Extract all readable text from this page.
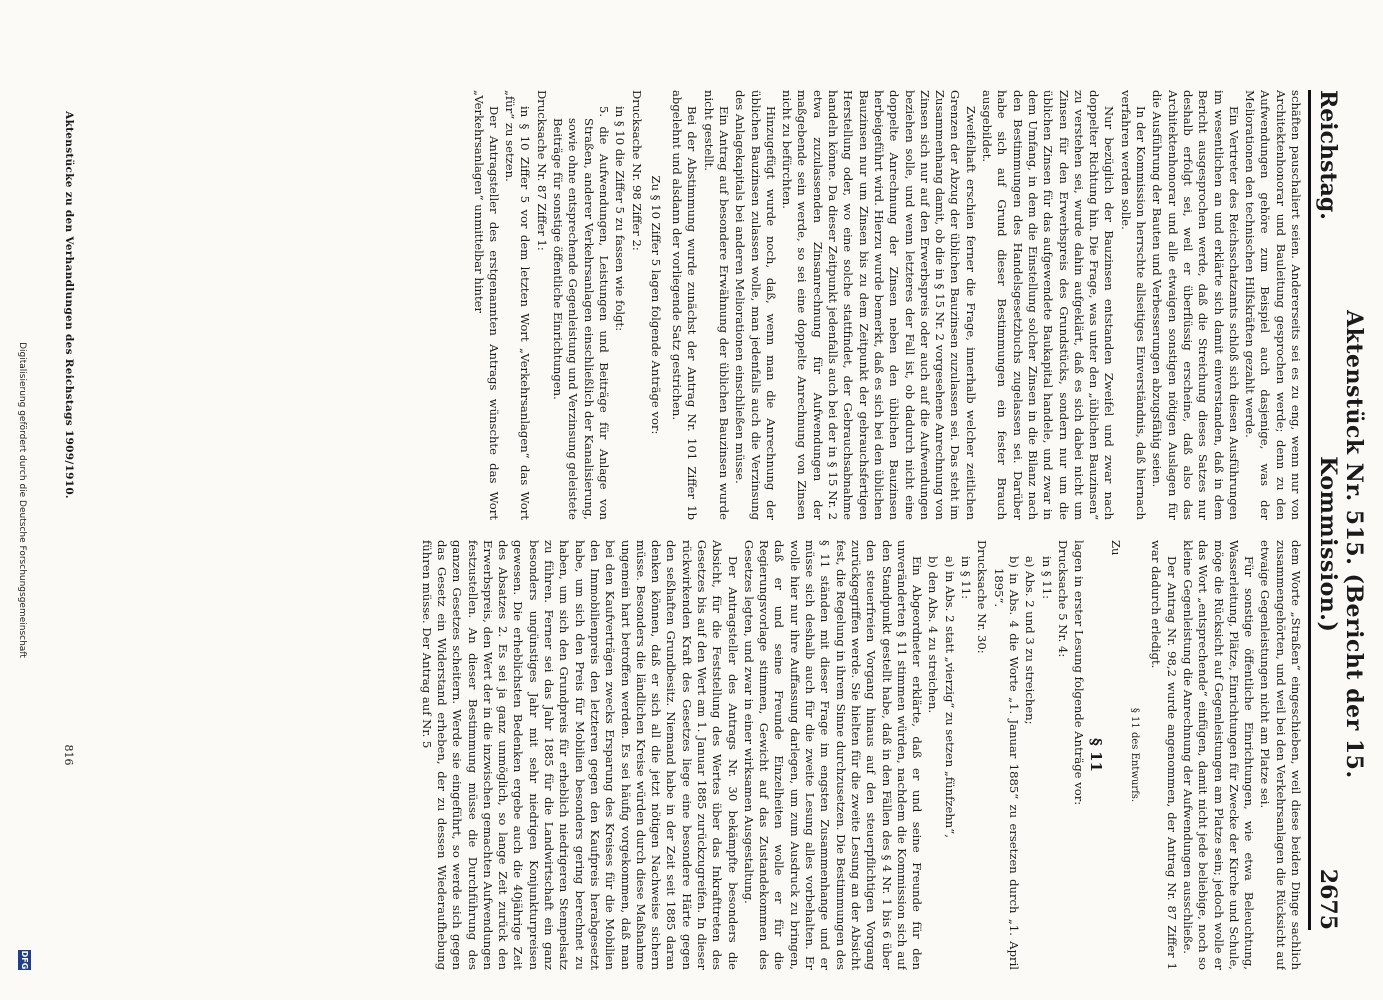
Reichstag.
Aktenstück Nr. 515. (Bericht der 15. Kommission.)
2675

schäften pauschaliert seien. Andererseits sei es zu eng, wenn nur von Architektenhonorar und Bauleitung gesprochen werde; denn zu den Aufwendungen gehöre zum Beispiel auch dasjenige, was der Meliorationen den technischen Hilfskräften gezahlt werde.

Ein Vertreter des Reichsschatzamts schloß sich diesen Ausführungen im wesentlichen an und erklärte sich damit einverstanden, daß in dem Bericht ausgesprochen werde, daß die Streichung dieses Satzes nur deshalb erfolgt sei, weil er überflüssig erscheine, daß also das Architektenhonorar und alle etwaigen sonstigen nötigen Auslagen für die Ausführung der Bauten und Verbesserungen abzugsfähig seien.

In der Kommission herrschte allseitiges Einverständnis, daß hiernach verfahren werden solle.

Nur bezüglich der Bauzinsen entstanden Zweifel und zwar nach doppelter Richtung hin. Die Frage, was unter den „üblichen Bauzinsen“ zu verstehen sei, wurde dahin aufgeklärt, daß es sich dabei nicht um Zinsen für den Erwerbspreis des Grundstücks, sondern nur um die üblichen Zinsen für das aufgewendete Baukapital handele, und zwar in dem Umfang, in dem die Einstellung solcher Zinsen in die Bilanz nach den Bestimmungen des Handelsgesetzbuchs zugelassen sei. Darüber habe sich auf Grund dieser Bestimmungen ein fester Brauch ausgebildet.

Zweifelhaft erschien ferner die Frage, innerhalb welcher zeitlichen Grenzen der Abzug der üblichen Bauzinsen zuzulassen sei. Das steht im Zusammenhang damit, ob die in § 15 Nr. 2 vorgesehene Anrechnung von Zinsen sich nur auf den Erwerbspreis oder auch auf die Aufwendungen beziehen solle, und wenn letzteres der Fall ist, ob dadurch nicht eine doppelte Anrechnung der Zinsen neben den üblichen Bauzinsen herbeigeführt wird. Hierzu wurde bemerkt, daß es sich bei den üblichen Bauzinsen nur um Zinsen bis zu dem Zeitpunkt der gebrauchsfertigen Herstellung oder, wo eine solche stattfindet, der Gebrauchsabnahme handeln könne. Da dieser Zeitpunkt jedenfalls auch bei der in § 15 Nr. 2 etwa zuzulassenden Zinsanrechnung für Aufwendungen der maßgebende sein werde, so sei eine doppelte Anrechnung von Zinsen nicht zu befürchten.

Hinzugefügt wurde noch, daß, wenn man die Anrechnung der üblichen Bauzinsen zulassen wolle, man jedenfalls auch die Verzinsung des Anlagekapitals bei anderen Meliorationen einschließen müsse.

Ein Antrag auf besondere Erwähnung der üblichen Bauzinsen wurde nicht gestellt.

Bei der Abstimmung wurde zunächst der Antrag Nr. 101 Ziffer 1b abgelehnt und alsdann der vorliegende Satz gestrichen.

Zu § 10 Ziffer 5 lagen folgende Anträge vor:

Drucksache Nr. 98 Ziffer 2:

in § 10 die Ziffer 5 zu fassen wie folgt:

5. die Aufwendungen, Leistungen und Beiträge für Anlage von Straßen, anderer Verkehrsanlagen einschließlich der Kanalisierung, sowie ohne entsprechende Gegenleistung und Verzinsung geleistete Beiträge für sonstige öffentliche Einrichtungen.

Drucksache Nr. 87 Ziffer 1:

in § 10 Ziffer 5 vor dem letzten Wort „Verkehrsanlagen“ das Wort „für“ zu setzen.

Der Antragsteller des erstgenannten Antrags wünschte das Wort „Verkehrsanlagen“ unmittelbar hinter

Aktenstücke zu den Verhandlungen des Reichstags 1909/1910.

dem Worte „Straßen“ eingeschieben, weil diese beiden Dinge sachlich zusammengehörten, und weil bei den Verkehrsanlagen die Rücksicht auf etwaige Gegenleistungen nicht am Platze sei.

Für sonstige öffentliche Einrichtungen, wie etwa Beleuchtung, Wasserleitung, Plätze, Einrichtungen für Zwecke der Kirche und Schule, möge die Rücksicht auf Gegenleistungen am Platze sein; jedoch wolle er das Wort „entsprechende“ einfügen, damit nicht jede beliebige, noch so kleine Gegenleistung die Anrechnung der Aufwendungen ausschließe.

Der Antrag Nr. 98,2 wurde angenommen, der Antrag Nr. 87 Ziffer 1 war dadurch erledigt.

§ 11 des Entwurfs.

Zu

§ 11

lagen in erster Lesung folgende Anträge vor:

Drucksache 5 Nr. 4:

in § 11:

a) Abs. 2 und 3 zu streichen;

b) in Abs. 4 die Worte „1. Januar 1885“ zu ersetzen durch „1. April 1895“.

Drucksache Nr. 30:

in § 11:

a) in Abs. 2 statt „vierzig“ zu setzen „fünfzehn“,

b) den Abs. 4 zu streichen.

Ein Abgeordneter erklärte, daß er und seine Freunde für den unveränderten § 11 stimmen würden, nachdem die Kommission sich auf den Standpunkt gestellt habe, daß in den Fällen des § 4 Nr. 1 bis 6 über den steuerfreien Vorgang hinaus auf den steuerpflichtigen Vorgang zurückgegriffen werde. Sie hielten für die zweite Lesung an der Absicht fest, die Regelung in ihrem Sinne durchzusetzen. Die Bestimmungen des § 11 ständen mit dieser Frage im engsten Zusammenhange und er müsse sich deshalb auch für die zweite Lesung alles vorbehalten. Er wolle hier nur ihre Auffassung darlegen, um zum Ausdruck zu bringen, daß er und seine Freunde Einzelheiten wolle er für die Regierungsvorlage stimmen, Gewicht auf das Zustandekommen des Gesetzes legten, und zwar in einer wirksamen Ausgestaltung.

Der Antragsteller des Antrags Nr. 30 bekämpfte besonders die Absicht, für die Feststellung des Wertes über das Inkrafttreten des Gesetzes bis auf den Wert am 1. Januar 1885 zurückzugreifen. In dieser rückwirkenden Kraft des Gesetzes liege eine besondere Härte gegen den seßhaften Grundbesitz. Niemand habe in der Zeit seit 1885 daran denken können, daß er sich all die jetzt nötigen Nachweise sichern müsse. Besonders die ländlichen Kreise würden durch diese Maßnahme ungemein hart betroffen werden. Es sei häufig vorgekommen, daß man bei den Kaufverträgen zwecks Ersparung des Kreises für die Mobilien den Immobilienpreis den letzteren gegen den Kaufpreis herabgesetzt habe, um sich den Preis für Mobilien besonders gering berechnet zu haben, um sich den Grundpreis für erheblich niedrigeren Stempelsatz zu führen. Ferner sei das Jahr 1885 für die Landwirtschaft ein ganz besonders ungünstiges Jahr mit sehr niedrigen Konjunkturpreisen gewesen. Die erheblichsten Bedenken ergebe auch die 40jährige Zeit des Absatzes 2. Es sei ja ganz unmöglich, so lange Zeit zurück den Erwerbspreis, den Wert der in die inzwischen gemachten Aufwendungen festzustellen. An dieser Bestimmung müsse die Durchführung des ganzen Gesetzes scheitern. Werde sie eingeführt, so werde sich gegen das Gesetz ein Widerstand erheben, der zu dessen Wiederaufhebung führen müsse. Der Antrag auf Nr. 5

816

Digitalisierung gefördert durch die Deutsche Forschungsgemeinschaft
DFG
